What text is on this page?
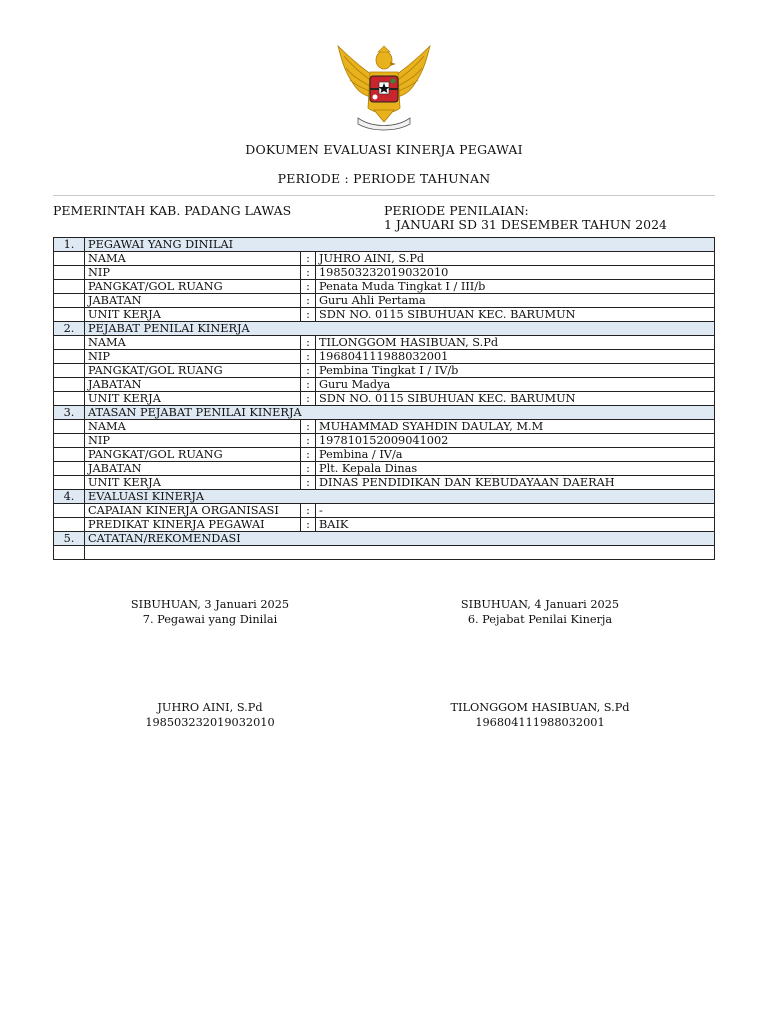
DOKUMEN EVALUASI KINERJA PEGAWAI
PERIODE : PERIODE TAHUNAN
PEMERINTAH KAB. PADANG LAWAS	PERIODE PENILAIAN:
1 JANUARI SD 31 DESEMBER TAHUN 2024
1.	PEGAWAI YANG DINILAI		
	NAMA	:	JUHRO AINI, S.Pd
	NIP	:	198503232019032010
	PANGKAT/GOL RUANG	:	Penata Muda Tingkat I / III/b
	JABATAN	:	Guru Ahli Pertama
	UNIT KERJA	:	SDN NO. 0115 SIBUHUAN KEC. BARUMUN
2.	PEJABAT PENILAI KINERJA		
	NAMA	:	TILONGGOM HASIBUAN, S.Pd
	NIP	:	196804111988032001
	PANGKAT/GOL RUANG	:	Pembina Tingkat I / IV/b
	JABATAN	:	Guru Madya
	UNIT KERJA	:	SDN NO. 0115 SIBUHUAN KEC. BARUMUN
3.	ATASAN PEJABAT PENILAI KINERJA		
	NAMA	:	MUHAMMAD SYAHDIN DAULAY, M.M
	NIP	:	197810152009041002
	PANGKAT/GOL RUANG	:	Pembina / IV/a
	JABATAN	:	Plt. Kepala Dinas
	UNIT KERJA	:	DINAS PENDIDIKAN DAN KEBUDAYAAN DAERAH
4.	EVALUASI KINERJA		
	CAPAIAN KINERJA ORGANISASI	:	-
	PREDIKAT KINERJA PEGAWAI	:	BAIK
5.	CATATAN/REKOMENDASI		

SIBUHUAN, 3 Januari 2025
7. Pegawai yang Dinilai
SIBUHUAN, 4 Januari 2025
6. Pejabat Penilai Kinerja
JUHRO AINI, S.Pd
198503232019032010
TILONGGOM HASIBUAN, S.Pd
196804111988032001
